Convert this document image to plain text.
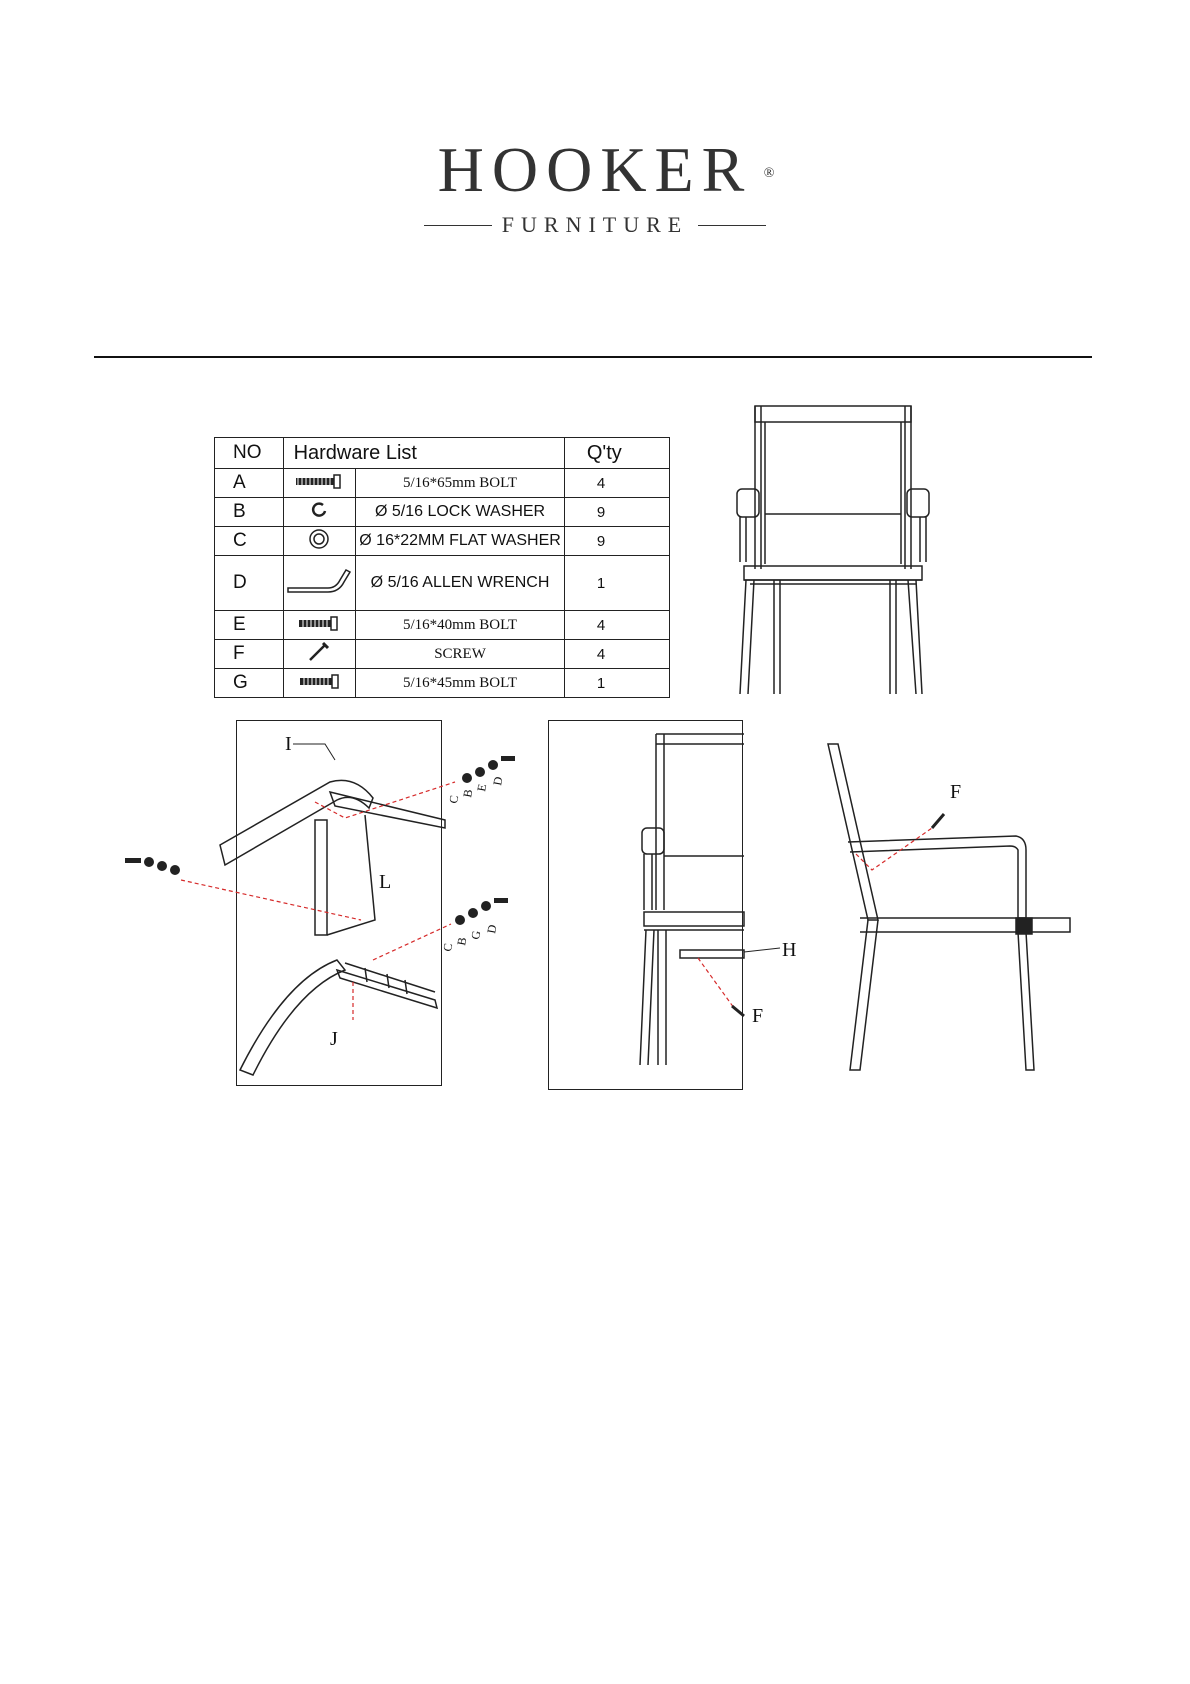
HOOKER ®
FURNITURE
NO	Hardware List		Q'ty
A		5/16*65mm BOLT	4
B		Ø 5/16 LOCK WASHER	9
C		Ø 16*22MM FLAT WASHER	9
D		Ø 5/16 ALLEN WRENCH	1
E		5/16*40mm BOLT	4
F		SCREW	4
G		5/16*45mm BOLT	1
C
B
E
D
C
B
G
D
I
L
J
H
F
F
